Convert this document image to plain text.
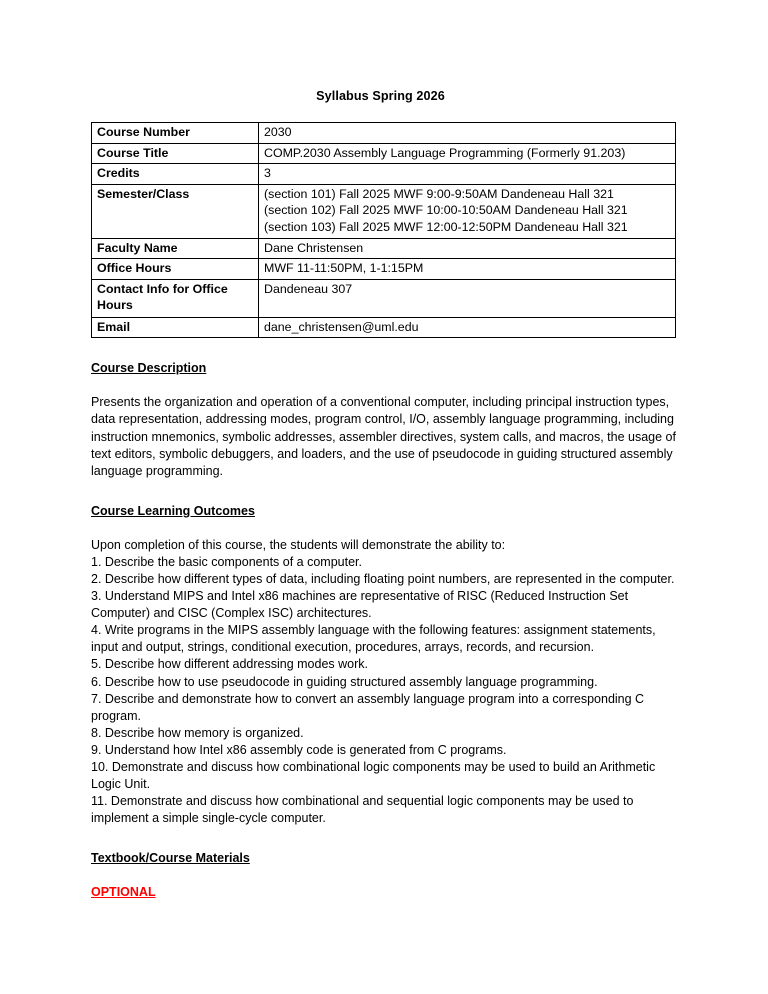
Syllabus Spring 2026
Course Number	2030

Course Title	COMP.2030 Assembly Language Programming (Formerly 91.203)

Credits	3

Semester/Class	(section 101) Fall 2025 MWF 9:00-9:50AM Dandeneau Hall 321
(section 102) Fall 2025 MWF 10:00-10:50AM Dandeneau Hall 321
(section 103) Fall 2025 MWF 12:00-12:50PM Dandeneau Hall 321

Faculty Name	Dane Christensen

Office Hours	MWF 11-11:50PM, 1-1:15PM

Contact Info for Office Hours	Dandeneau 307

Email	dane_christensen@uml.edu
Course Description

Presents the organization and operation of a conventional computer, including principal instruction types, data representation, addressing modes, program control, I/O, assembly language programming, including instruction mnemonics, symbolic addresses, assembler directives, system calls, and macros, the usage of text editors, symbolic debuggers, and loaders, and the use of pseudocode in guiding structured assembly language programming.

Course Learning Outcomes

Upon completion of this course, the students will demonstrate the ability to:

1. Describe the basic components of a computer.

2. Describe how different types of data, including floating point numbers, are represented in the computer.

3. Understand MIPS and Intel x86 machines are representative of RISC (Reduced Instruction Set Computer) and CISC (Complex ISC) architectures.

4. Write programs in the MIPS assembly language with the following features: assignment statements, input and output, strings, conditional execution, procedures, arrays, records, and recursion.

5. Describe how different addressing modes work.

6. Describe how to use pseudocode in guiding structured assembly language programming.

7. Describe and demonstrate how to convert an assembly language program into a corresponding C program.

8. Describe how memory is organized.

9. Understand how Intel x86 assembly code is generated from C programs.

10. Demonstrate and discuss how combinational logic components may be used to build an Arithmetic Logic Unit.

11. Demonstrate and discuss how combinational and sequential logic components may be used to implement a simple single-cycle computer.

Textbook/Course Materials
OPTIONAL
